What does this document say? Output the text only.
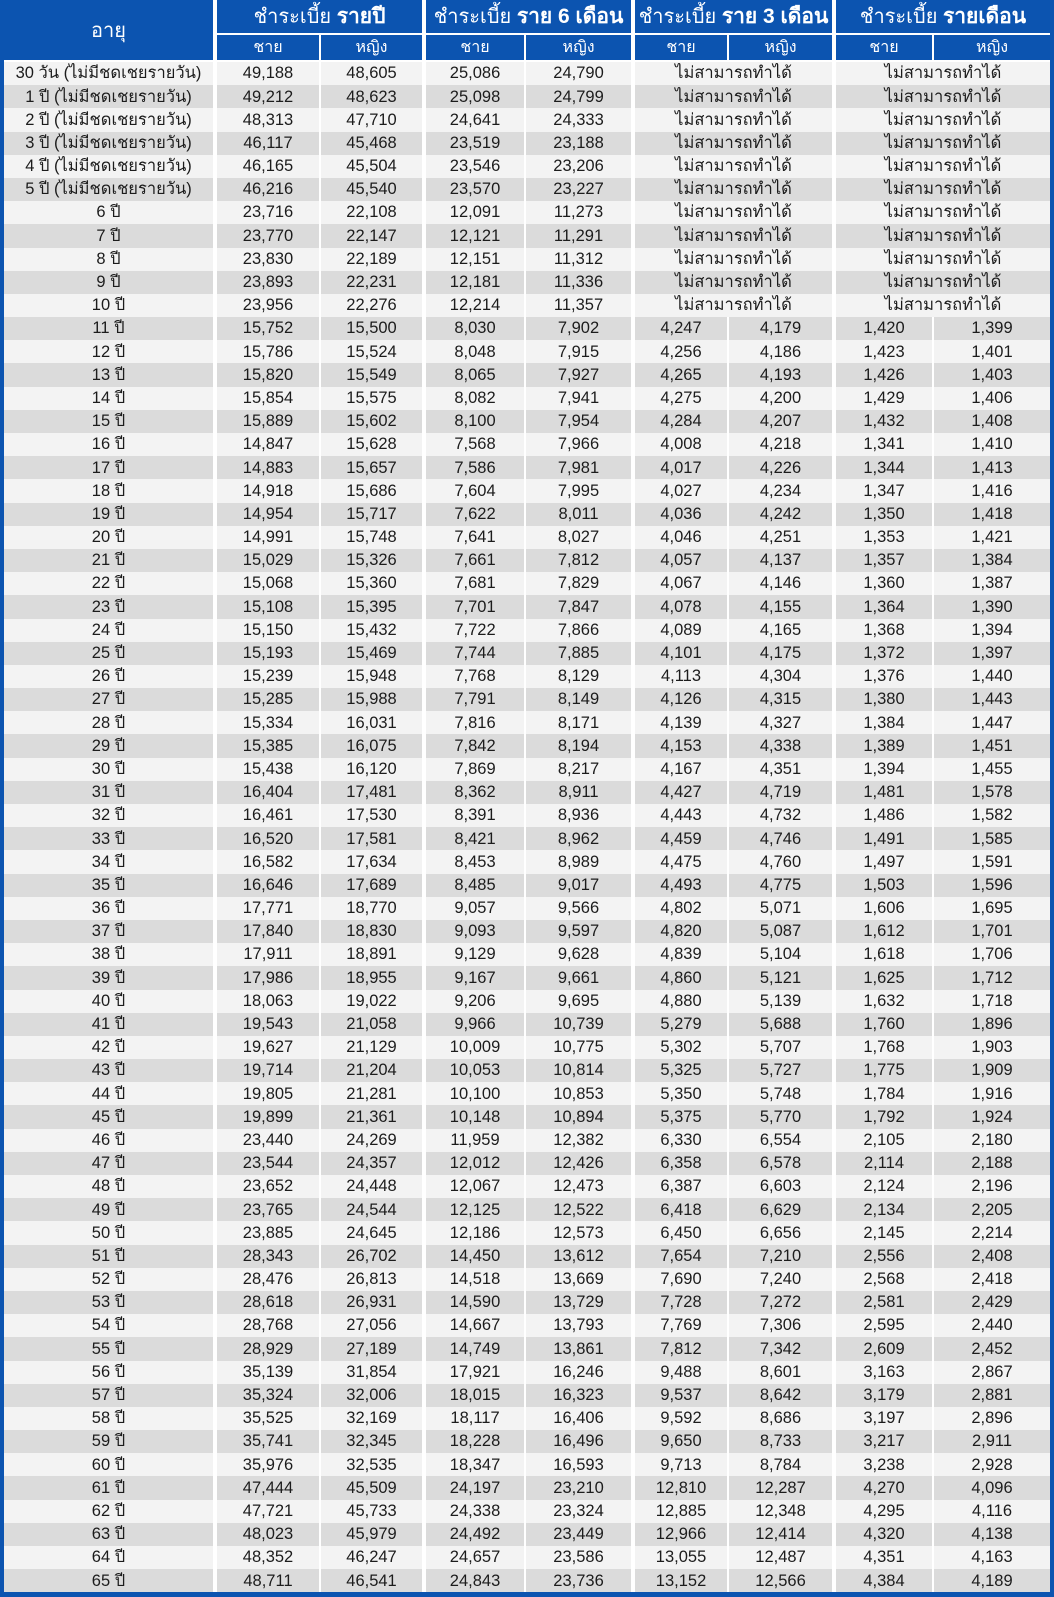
อายุ	ชำระเบี้ย รายปี		ชำระเบี้ย ราย 6 เดือน		ชำระเบี้ย ราย 3 เดือน		ชำระเบี้ย รายเดือน	
	ชาย	หญิง	ชาย	หญิง	ชาย	หญิง	ชาย	หญิง
30 วัน (ไม่มีชดเชยรายวัน)	49,188	48,605	25,086	24,790	ไม่สามารถทำได้		ไม่สามารถทำได้	
1 ปี (ไม่มีชดเชยรายวัน)	49,212	48,623	25,098	24,799	ไม่สามารถทำได้		ไม่สามารถทำได้	
2 ปี (ไม่มีชดเชยรายวัน)	48,313	47,710	24,641	24,333	ไม่สามารถทำได้		ไม่สามารถทำได้	
3 ปี (ไม่มีชดเชยรายวัน)	46,117	45,468	23,519	23,188	ไม่สามารถทำได้		ไม่สามารถทำได้	
4 ปี (ไม่มีชดเชยรายวัน)	46,165	45,504	23,546	23,206	ไม่สามารถทำได้		ไม่สามารถทำได้	
5 ปี (ไม่มีชดเชยรายวัน)	46,216	45,540	23,570	23,227	ไม่สามารถทำได้		ไม่สามารถทำได้	
6 ปี	23,716	22,108	12,091	11,273	ไม่สามารถทำได้		ไม่สามารถทำได้	
7 ปี	23,770	22,147	12,121	11,291	ไม่สามารถทำได้		ไม่สามารถทำได้	
8 ปี	23,830	22,189	12,151	11,312	ไม่สามารถทำได้		ไม่สามารถทำได้	
9 ปี	23,893	22,231	12,181	11,336	ไม่สามารถทำได้		ไม่สามารถทำได้	
10 ปี	23,956	22,276	12,214	11,357	ไม่สามารถทำได้		ไม่สามารถทำได้	
11 ปี	15,752	15,500	8,030	7,902	4,247	4,179	1,420	1,399
12 ปี	15,786	15,524	8,048	7,915	4,256	4,186	1,423	1,401
13 ปี	15,820	15,549	8,065	7,927	4,265	4,193	1,426	1,403
14 ปี	15,854	15,575	8,082	7,941	4,275	4,200	1,429	1,406
15 ปี	15,889	15,602	8,100	7,954	4,284	4,207	1,432	1,408
16 ปี	14,847	15,628	7,568	7,966	4,008	4,218	1,341	1,410
17 ปี	14,883	15,657	7,586	7,981	4,017	4,226	1,344	1,413
18 ปี	14,918	15,686	7,604	7,995	4,027	4,234	1,347	1,416
19 ปี	14,954	15,717	7,622	8,011	4,036	4,242	1,350	1,418
20 ปี	14,991	15,748	7,641	8,027	4,046	4,251	1,353	1,421
21 ปี	15,029	15,326	7,661	7,812	4,057	4,137	1,357	1,384
22 ปี	15,068	15,360	7,681	7,829	4,067	4,146	1,360	1,387
23 ปี	15,108	15,395	7,701	7,847	4,078	4,155	1,364	1,390
24 ปี	15,150	15,432	7,722	7,866	4,089	4,165	1,368	1,394
25 ปี	15,193	15,469	7,744	7,885	4,101	4,175	1,372	1,397
26 ปี	15,239	15,948	7,768	8,129	4,113	4,304	1,376	1,440
27 ปี	15,285	15,988	7,791	8,149	4,126	4,315	1,380	1,443
28 ปี	15,334	16,031	7,816	8,171	4,139	4,327	1,384	1,447
29 ปี	15,385	16,075	7,842	8,194	4,153	4,338	1,389	1,451
30 ปี	15,438	16,120	7,869	8,217	4,167	4,351	1,394	1,455
31 ปี	16,404	17,481	8,362	8,911	4,427	4,719	1,481	1,578
32 ปี	16,461	17,530	8,391	8,936	4,443	4,732	1,486	1,582
33 ปี	16,520	17,581	8,421	8,962	4,459	4,746	1,491	1,585
34 ปี	16,582	17,634	8,453	8,989	4,475	4,760	1,497	1,591
35 ปี	16,646	17,689	8,485	9,017	4,493	4,775	1,503	1,596
36 ปี	17,771	18,770	9,057	9,566	4,802	5,071	1,606	1,695
37 ปี	17,840	18,830	9,093	9,597	4,820	5,087	1,612	1,701
38 ปี	17,911	18,891	9,129	9,628	4,839	5,104	1,618	1,706
39 ปี	17,986	18,955	9,167	9,661	4,860	5,121	1,625	1,712
40 ปี	18,063	19,022	9,206	9,695	4,880	5,139	1,632	1,718
41 ปี	19,543	21,058	9,966	10,739	5,279	5,688	1,760	1,896
42 ปี	19,627	21,129	10,009	10,775	5,302	5,707	1,768	1,903
43 ปี	19,714	21,204	10,053	10,814	5,325	5,727	1,775	1,909
44 ปี	19,805	21,281	10,100	10,853	5,350	5,748	1,784	1,916
45 ปี	19,899	21,361	10,148	10,894	5,375	5,770	1,792	1,924
46 ปี	23,440	24,269	11,959	12,382	6,330	6,554	2,105	2,180
47 ปี	23,544	24,357	12,012	12,426	6,358	6,578	2,114	2,188
48 ปี	23,652	24,448	12,067	12,473	6,387	6,603	2,124	2,196
49 ปี	23,765	24,544	12,125	12,522	6,418	6,629	2,134	2,205
50 ปี	23,885	24,645	12,186	12,573	6,450	6,656	2,145	2,214
51 ปี	28,343	26,702	14,450	13,612	7,654	7,210	2,556	2,408
52 ปี	28,476	26,813	14,518	13,669	7,690	7,240	2,568	2,418
53 ปี	28,618	26,931	14,590	13,729	7,728	7,272	2,581	2,429
54 ปี	28,768	27,056	14,667	13,793	7,769	7,306	2,595	2,440
55 ปี	28,929	27,189	14,749	13,861	7,812	7,342	2,609	2,452
56 ปี	35,139	31,854	17,921	16,246	9,488	8,601	3,163	2,867
57 ปี	35,324	32,006	18,015	16,323	9,537	8,642	3,179	2,881
58 ปี	35,525	32,169	18,117	16,406	9,592	8,686	3,197	2,896
59 ปี	35,741	32,345	18,228	16,496	9,650	8,733	3,217	2,911
60 ปี	35,976	32,535	18,347	16,593	9,713	8,784	3,238	2,928
61 ปี	47,444	45,509	24,197	23,210	12,810	12,287	4,270	4,096
62 ปี	47,721	45,733	24,338	23,324	12,885	12,348	4,295	4,116
63 ปี	48,023	45,979	24,492	23,449	12,966	12,414	4,320	4,138
64 ปี	48,352	46,247	24,657	23,586	13,055	12,487	4,351	4,163
65 ปี	48,711	46,541	24,843	23,736	13,152	12,566	4,384	4,189
